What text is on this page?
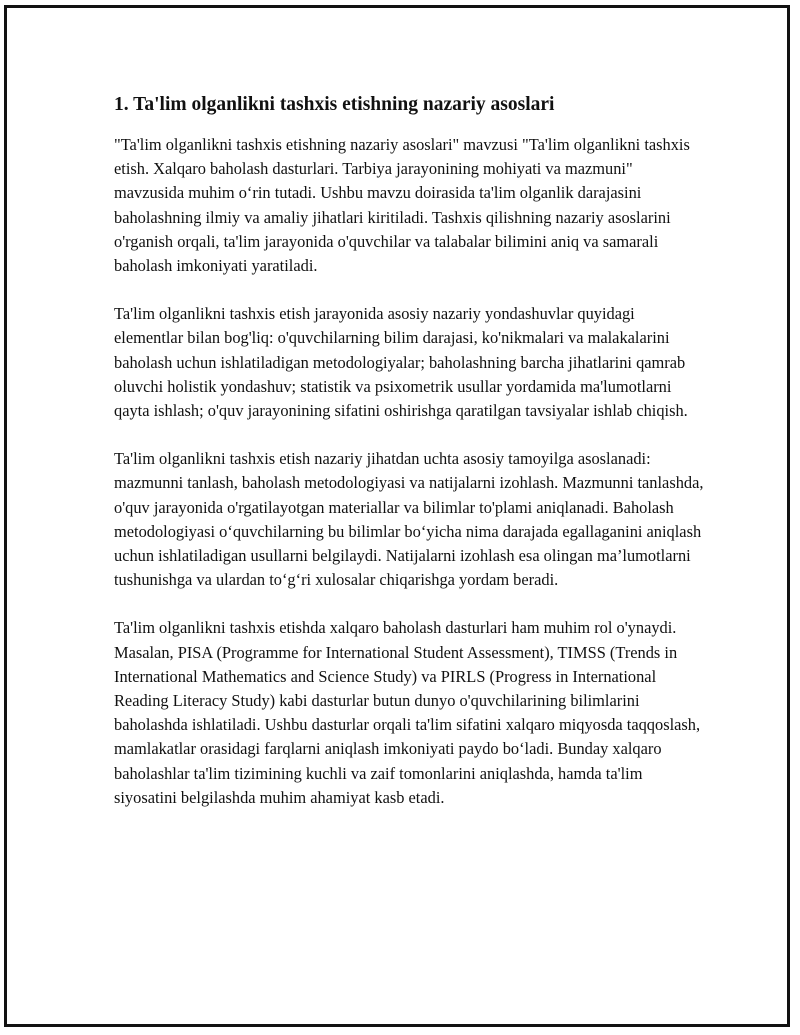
1. Ta'lim olganlikni tashxis etishning nazariy asoslari

"Ta'lim olganlikni tashxis etishning nazariy asoslari" mavzusi "Ta'lim olganlikni tashxis etish. Xalqaro baholash dasturlari. Tarbiya jarayonining mohiyati va mazmuni" mavzusida muhim o‘rin tutadi. Ushbu mavzu doirasida ta'lim olganlik darajasini baholashning ilmiy va amaliy jihatlari kiritiladi. Tashxis qilishning nazariy asoslarini o'rganish orqali, ta'lim jarayonida o'quvchilar va talabalar bilimini aniq va samarali baholash imkoniyati yaratiladi.

Ta'lim olganlikni tashxis etish jarayonida asosiy nazariy yondashuvlar quyidagi elementlar bilan bog'liq: o'quvchilarning bilim darajasi, ko'nikmalari va malakalarini baholash uchun ishlatiladigan metodologiyalar; baholashning barcha jihatlarini qamrab oluvchi holistik yondashuv; statistik va psixometrik usullar yordamida ma'lumotlarni qayta ishlash; o'quv jarayonining sifatini oshirishga qaratilgan tavsiyalar ishlab chiqish.

Ta'lim olganlikni tashxis etish nazariy jihatdan uchta asosiy tamoyilga asoslanadi: mazmunni tanlash, baholash metodologiyasi va natijalarni izohlash. Mazmunni tanlashda, o'quv jarayonida o'rgatilayotgan materiallar va bilimlar to'plami aniqlanadi. Baholash metodologiyasi o‘quvchilarning bu bilimlar bo‘yicha nima darajada egallaganini aniqlash uchun ishlatiladigan usullarni belgilaydi. Natijalarni izohlash esa olingan ma’lumotlarni tushunishga va ulardan to‘g‘ri xulosalar chiqarishga yordam beradi.

Ta'lim olganlikni tashxis etishda xalqaro baholash dasturlari ham muhim rol o'ynaydi. Masalan, PISA (Programme for International Student Assessment), TIMSS (Trends in International Mathematics and Science Study) va PIRLS (Progress in International Reading Literacy Study) kabi dasturlar butun dunyo o'quvchilarining bilimlarini baholashda ishlatiladi. Ushbu dasturlar orqali ta'lim sifatini xalqaro miqyosda taqqoslash, mamlakatlar orasidagi farqlarni aniqlash imkoniyati paydo bo‘ladi. Bunday xalqaro baholashlar ta'lim tizimining kuchli va zaif tomonlarini aniqlashda, hamda ta'lim siyosatini belgilashda muhim ahamiyat kasb etadi.
